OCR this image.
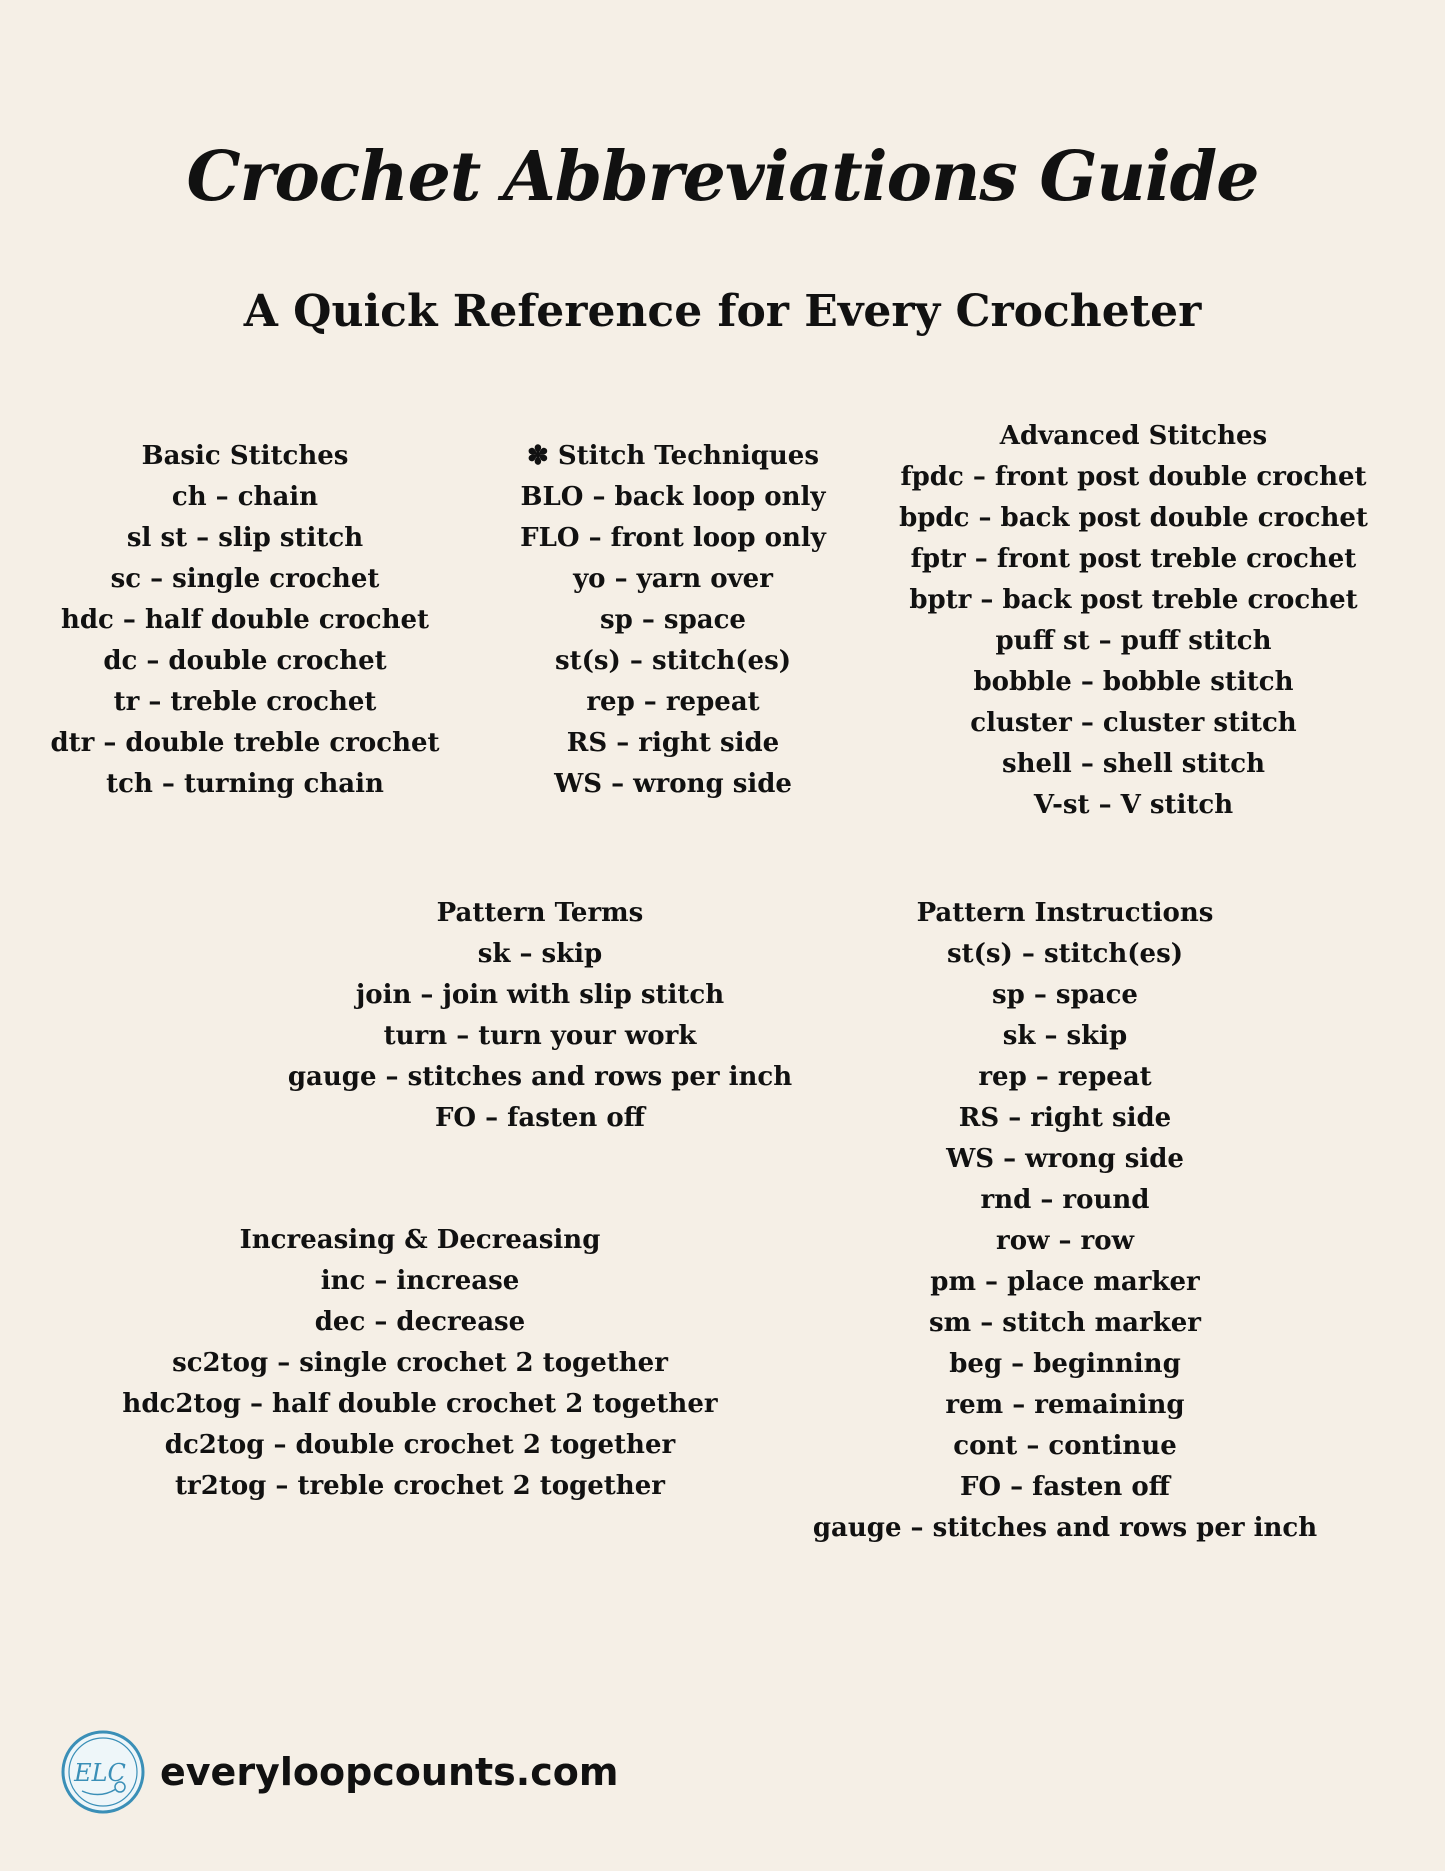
Crochet Abbreviations Guide
A Quick Reference for Every Crocheter
Basic Stitches
ch – chain
sl st – slip stitch
sc – single crochet
hdc – half double crochet
dc – double crochet
tr – treble crochet
dtr – double treble crochet
tch – turning chain
✽ Stitch Techniques
BLO – back loop only
FLO – front loop only
yo – yarn over
sp – space
st(s) – stitch(es)
rep – repeat
RS – right side
WS – wrong side
Advanced Stitches
fpdc – front post double crochet
bpdc – back post double crochet
fptr – front post treble crochet
bptr – back post treble crochet
puff st – puff stitch
bobble – bobble stitch
cluster – cluster stitch
shell – shell stitch
V-st – V stitch
Pattern Terms
sk – skip
join – join with slip stitch
turn – turn your work
gauge – stitches and rows per inch
FO – fasten off
Pattern Instructions
st(s) – stitch(es)
sp – space
sk – skip
rep – repeat
RS – right side
WS – wrong side
rnd – round
row – row
pm – place marker
sm – stitch marker
beg – beginning
rem – remaining
cont – continue
FO – fasten off
gauge – stitches and rows per inch
Increasing & Decreasing
inc – increase
dec – decrease
sc2tog – single crochet 2 together
hdc2tog – half double crochet 2 together
dc2tog – double crochet 2 together
tr2tog – treble crochet 2 together
ELC everyloopcounts.com
